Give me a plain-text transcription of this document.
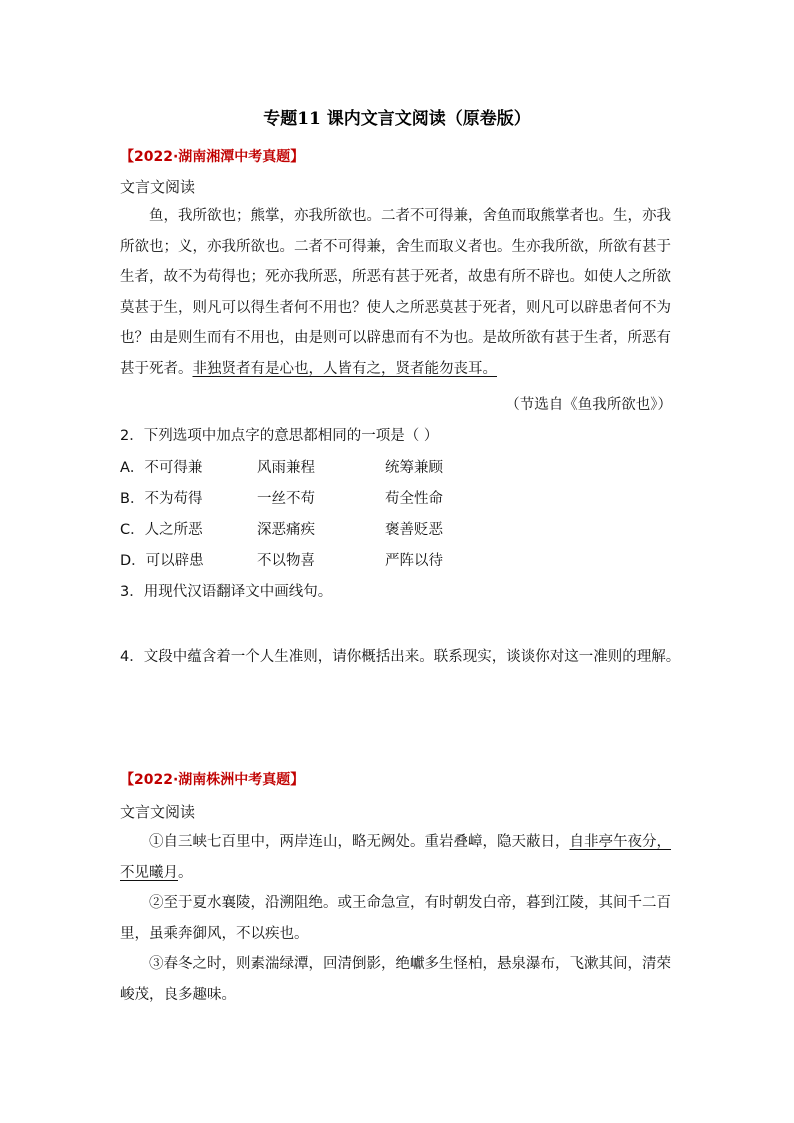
专题11 课内文言文阅读（原卷版）
【2022·湖南湘潭中考真题】
文言文阅读
鱼，我所欲也；熊掌，亦我所欲也。二者不可得兼，舍鱼而取熊掌者也。生，亦我
所欲也；义，亦我所欲也。二者不可得兼，舍生而取义者也。生亦我所欲，所欲有甚于
生者，故不为苟得也；死亦我所恶，所恶有甚于死者，故患有所不辟也。如使人之所欲
莫甚于生，则凡可以得生者何不用也？使人之所恶莫甚于死者，则凡可以辟患者何不为
也？由是则生而有不用也，由是则可以辟患而有不为也。是故所欲有甚于生者，所恶有
甚于死者。非独贤者有是心也，人皆有之，贤者能勿丧耳。
（节选自《鱼我所欲也》）
2．下列选项中加点字的意思都相同的一项是（ ）
A．不可得兼	风雨兼程	统筹兼顾
B．不为苟得	一丝不苟	苟全性命
C．人之所恶	深恶痛疾	褒善贬恶
D．可以辟患	不以物喜	严阵以待
3．用现代汉语翻译文中画线句。
4．文段中蕴含着一个人生准则，请你概括出来。联系现实，谈谈你对这一准则的理解。
【2022·湖南株洲中考真题】
文言文阅读
①自三峡七百里中，两岸连山，略无阙处。重岩叠嶂，隐天蔽日，自非亭午夜分，
不见曦月。
②至于夏水襄陵，沿溯阻绝。或王命急宣，有时朝发白帝，暮到江陵，其间千二百
里，虽乘奔御风，不以疾也。
③春冬之时，则素湍绿潭，回清倒影，绝巘多生怪柏，悬泉瀑布，飞漱其间，清荣
峻茂，良多趣味。
